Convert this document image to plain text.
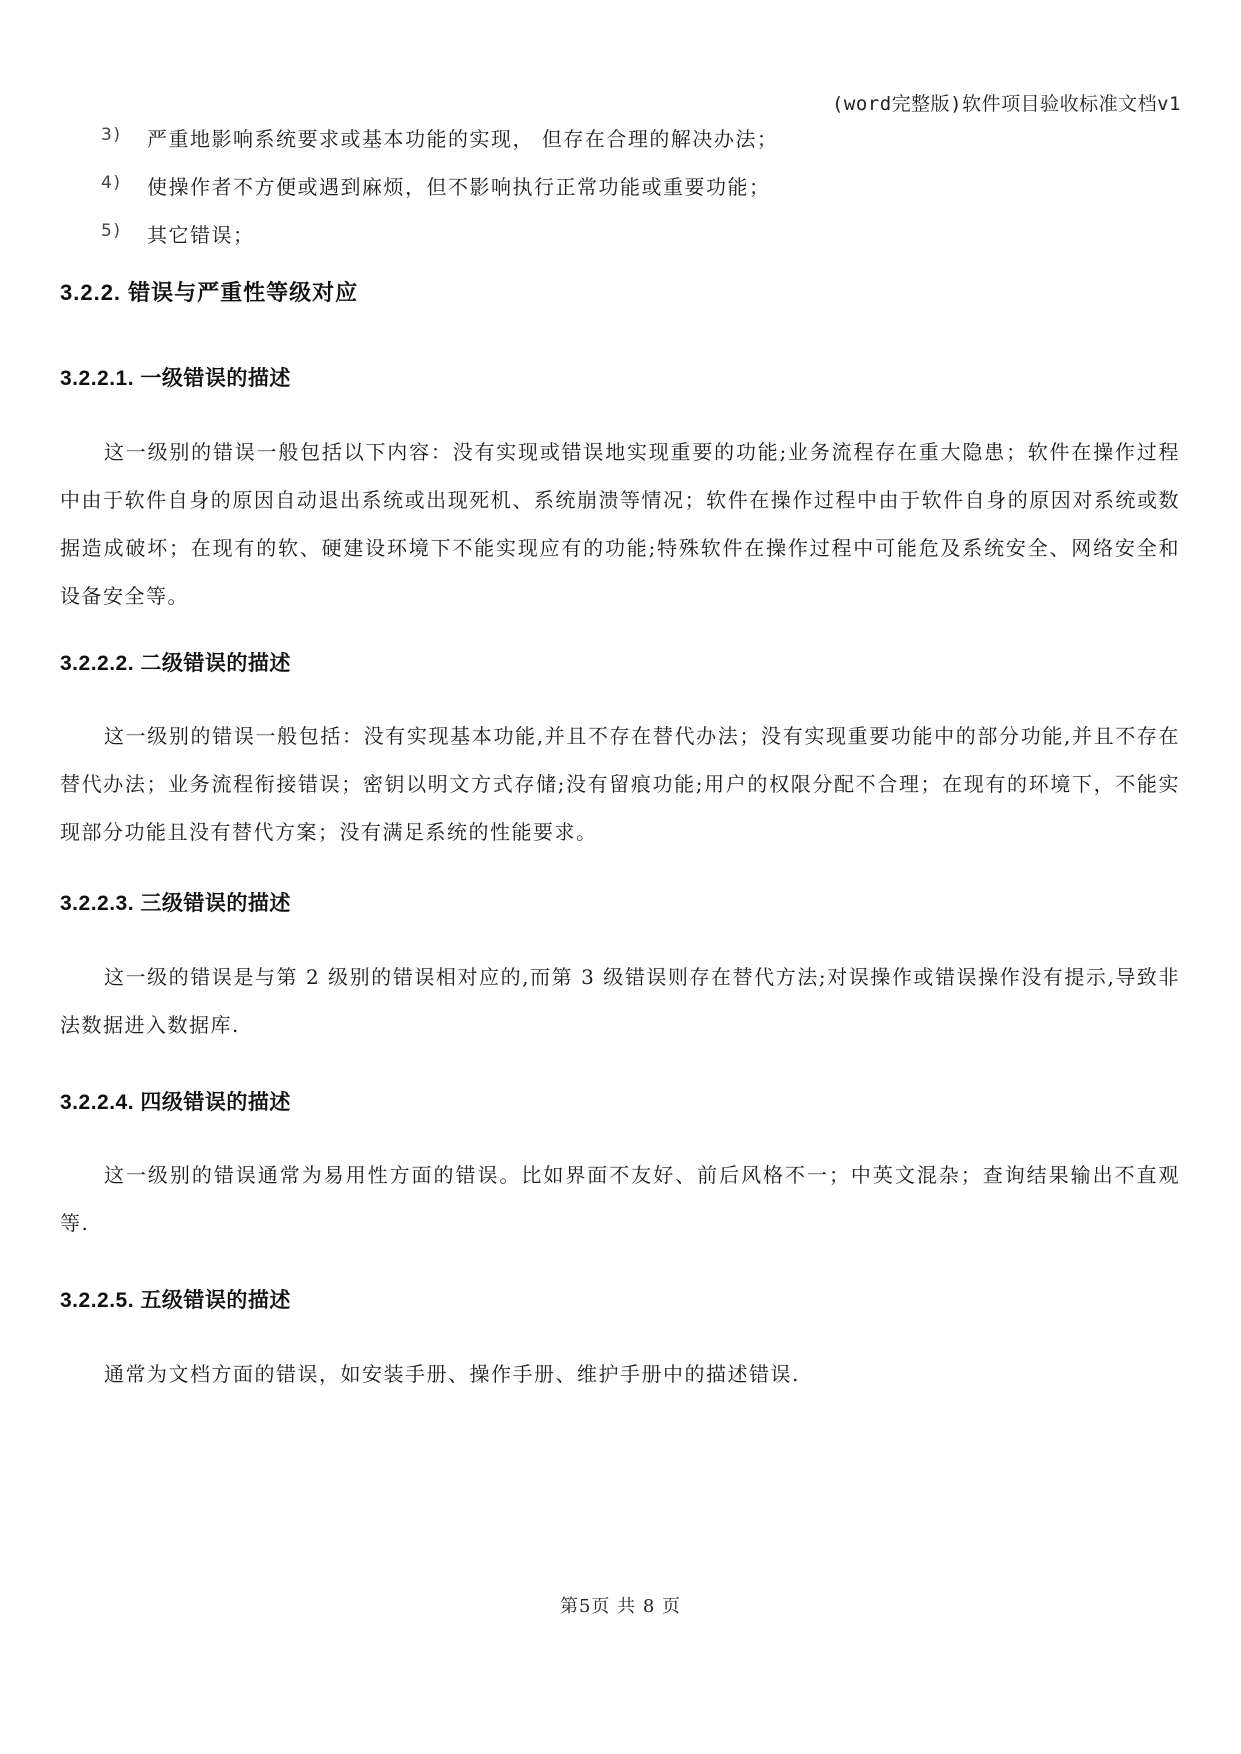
(word完整版)软件项目验收标准文档v1
3)	严重地影响系统要求或基本功能的实现， 但存在合理的解决办法；
4)	使操作者不方便或遇到麻烦，但不影响执行正常功能或重要功能；
5)	其它错误；
3.2.2. 错误与严重性等级对应
3.2.2.1. 一级错误的描述

这一级别的错误一般包括以下内容：没有实现或错误地实现重要的功能;业务流程存在重大隐患；软件在操作过程中由于软件自身的原因自动退出系统或出现死机、系统崩溃等情况；软件在操作过程中由于软件自身的原因对系统或数据造成破坏；在现有的软、硬建设环境下不能实现应有的功能;特殊软件在操作过程中可能危及系统安全、网络安全和设备安全等。

3.2.2.2. 二级错误的描述

这一级别的错误一般包括：没有实现基本功能,并且不存在替代办法；没有实现重要功能中的部分功能,并且不存在替代办法；业务流程衔接错误；密钥以明文方式存储;没有留痕功能;用户的权限分配不合理；在现有的环境下，不能实现部分功能且没有替代方案；没有满足系统的性能要求。

3.2.2.3. 三级错误的描述

这一级的错误是与第 2 级别的错误相对应的,而第 3 级错误则存在替代方法;对误操作或错误操作没有提示,导致非法数据进入数据库.

3.2.2.4. 四级错误的描述

这一级别的错误通常为易用性方面的错误。比如界面不友好、前后风格不一；中英文混杂；查询结果输出不直观等.

3.2.2.5. 五级错误的描述

通常为文档方面的错误，如安装手册、操作手册、维护手册中的描述错误.

第5页 共 8 页
